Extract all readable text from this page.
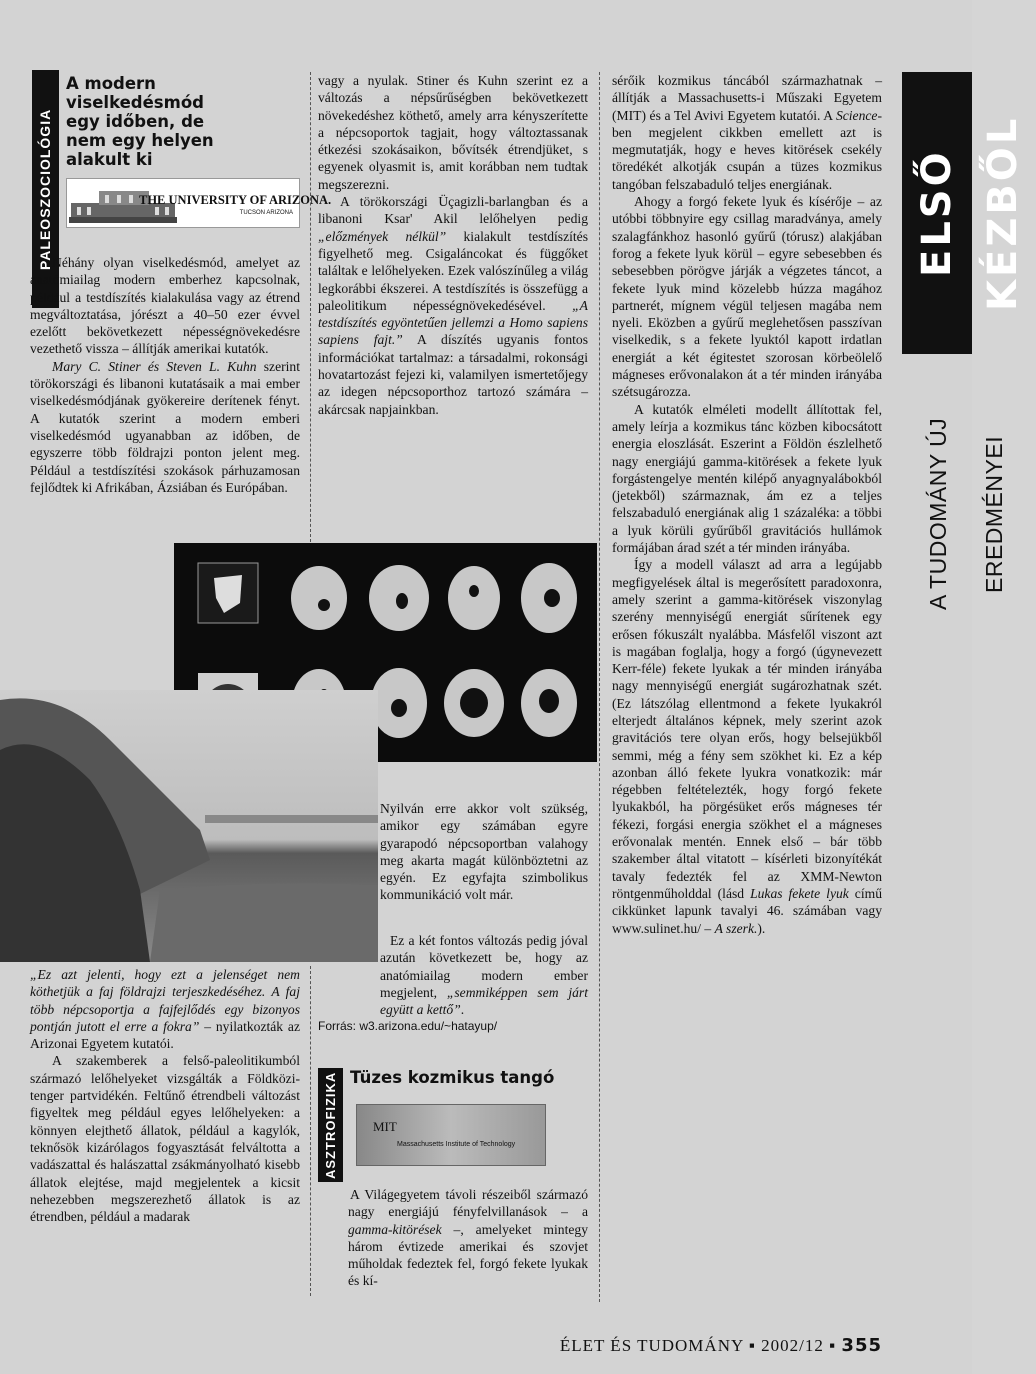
ELSŐ KÉZBŐL
A TUDOMÁNY ÚJ EREDMÉNYEI
PALEOSZOCIOLÓGIA
A modern viselkedésmód egy időben, de nem egy helyen alakult ki
THE UNIVERSITY OF ARIZONA.
TUCSON ARIZONA

Néhány olyan viselkedésmód, amelyet az anatómiailag modern emberhez kapcsolnak, például a testdíszítés kialakulása vagy az étrend megváltoztatása, jórészt a 40–50 ezer évvel ezelőtt bekövetkezett népességnövekedésre vezethető vissza – állítják amerikai kutatók.

Mary C. Stiner és Steven L. Kuhn szerint törökországi és libanoni kutatásaik a mai ember viselkedésmódjának gyökereire derítenek fényt. A kutatók szerint a modern emberi viselkedésmód ugyanabban az időben, de egyszerre több földrajzi ponton jelent meg. Például a testdíszítési szokások párhuzamosan fejlődtek ki Afrikában, Ázsiában és Európában.

„Ez azt jelenti, hogy ezt a jelenséget nem köthetjük a faj földrajzi terjeszkedéséhez. A faj több népcsoportja a fajfejlődés egy bizonyos pontján jutott el erre a fokra” – nyilatkozták az Arizonai Egyetem kutatói.

A szakemberek a felső-paleolitikumból származó lelőhelyeket vizsgálták a Földközi-tenger partvidékén. Feltűnő étrendbeli változást figyeltek meg például egyes lelőhelyeken: a könnyen elejthető állatok, például a kagylók, teknősök kizárólagos fogyasztását felváltotta a vadászattal és halászattal zsákmányolható kisebb állatok elejtése, majd megjelentek a kicsit nehezebben megszerezhető állatok is az étrendben, például a madarak

vagy a nyulak. Stiner és Kuhn szerint ez a változás a népsűrűségben bekövetkezett növekedéshez köthető, amely arra kényszerítette a népcsoportok tagjait, hogy változtassanak étkezési szokásaikon, bővítsék étrendjüket, s egyenek olyasmit is, amit korábban nem tudtak megszerezni.

A törökországi Üçagizli-barlangban és a libanoni Ksar' Akil lelőhelyen pedig „előzmények nélkül” kialakult testdíszítés figyelhető meg. Csigaláncokat és függőket találtak e lelőhelyeken. Ezek valószínűleg a világ legkorábbi ékszerei. A testdíszítés is összefügg a paleolitikum népességnövekedésével. „A testdíszítés egyöntetűen jellemzi a Homo sapiens sapiens fajt.” A díszítés ugyanis fontos információkat tartalmaz: a társadalmi, rokonsági hovatartozást fejezi ki, valamilyen ismertetőjegy az idegen népcsoporthoz tartozó számára – akárcsak napjainkban.

Nyilván erre akkor volt szükség, amikor egy számában egyre gyarapodó népcsoportban valahogy meg akarta magát különböztetni az egyén. Ez egyfajta szimbolikus kommunikáció volt már.

Ez a két fontos változás pedig jóval azután következett be, hogy az anatómiailag modern ember megjelent, „semmiképpen sem járt együtt a kettő”.

Forrás: w3.arizona.edu/~hatayup/

ASZTROFIZIKA Tüzes kozmikus tangó
MIT
Massachusetts Institute of Technology

A Világegyetem távoli részeiből származó nagy energiájú fényfelvillanások – a gamma-kitörések –, amelyeket mintegy három évtizede amerikai és szovjet műholdak fedeztek fel, forgó fekete lyukak és kí-

sérőik kozmikus táncából származhatnak – állítják a Massachusetts-i Műszaki Egyetem (MIT) és a Tel Avivi Egyetem kutatói. A Science-ben megjelent cikkben emellett azt is megmutatják, hogy e heves kitörések csekély töredékét alkotják csupán a tüzes kozmikus tangóban felszabaduló teljes energiának.

Ahogy a forgó fekete lyuk és kísérője – az utóbbi többnyire egy csillag maradványa, amely szalagfánkhoz hasonló gyűrű (tórusz) alakjában forog a fekete lyuk körül – egyre sebesebben és sebesebben pörögve járják a végzetes táncot, a fekete lyuk mind közelebb húzza magához partnerét, mígnem végül teljesen magába nem nyeli. Eközben a gyűrű meglehetősen passzívan viselkedik, s a fekete lyuktól kapott irdatlan energiát a két égitestet szorosan körbeölelő mágneses erővonalakon át a tér minden irányába szétsugározza.

A kutatók elméleti modellt állítottak fel, amely leírja a kozmikus tánc közben kibocsátott energia eloszlását. Eszerint a Földön észlelhető nagy energiájú gamma-kitörések a fekete lyuk forgástengelye mentén kilépő anyagnyalábokból (jetekből) származnak, ám ez a teljes felszabaduló energiának alig 1 százaléka: a többi a lyuk körüli gyűrűből gravitációs hullámok formájában árad szét a tér minden irányába.

Így a modell választ ad arra a legújabb megfigyelések által is megerősített paradoxonra, amely szerint a gamma-kitörések viszonylag szerény mennyiségű energiát sűrítenek egy erősen fókuszált nyalábba. Másfelől viszont azt is magában foglalja, hogy a forgó (úgynevezett Kerr-féle) fekete lyukak a tér minden irányába nagy mennyiségű energiát sugározhatnak szét. (Ez látszólag ellentmond a fekete lyukakról elterjedt általános képnek, mely szerint azok gravitációs tere olyan erős, hogy belsejükből semmi, még a fény sem szökhet ki. Ez a kép azonban álló fekete lyukra vonatkozik: már régebben feltételezték, hogy forgó fekete lyukakból, ha pörgésüket erős mágneses tér fékezi, forgási energia szökhet el a mágneses erővonalak mentén. Ennek első – bár több szakember által vitatott – kísérleti bizonyítékát tavaly fedezték fel az XMM-Newton röntgenműholddal (lásd Lukas fekete lyuk című cikkünket lapunk tavalyi 46. számában vagy www.sulinet.hu/ – A szerk.).

ÉLET ÉS TUDOMÁNY ▪ 2002/12 ▪ 355
